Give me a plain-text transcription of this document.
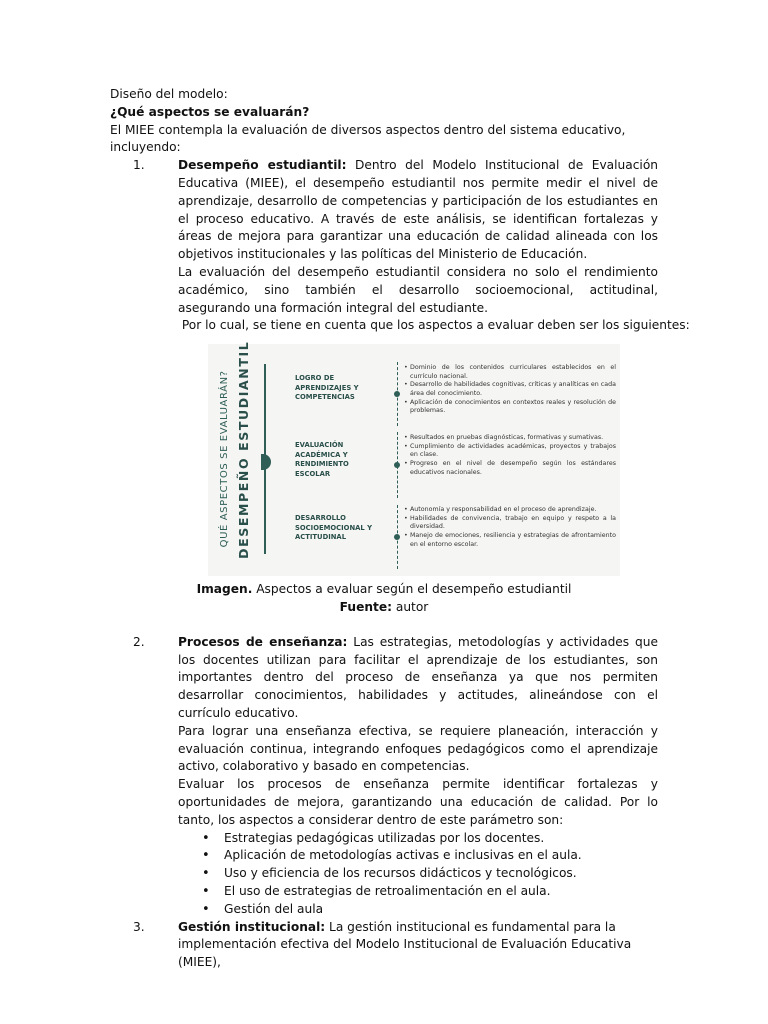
Diseño del modelo:

¿Qué aspectos se evaluarán?

El MIEE contempla la evaluación de diversos aspectos dentro del sistema educativo, incluyendo:

1.	Desempeño estudiantil: Dentro del Modelo Institucional de Evaluación Educativa (MIEE), el desempeño estudiantil nos permite medir el nivel de aprendizaje, desarrollo de competencias y participación de los estudiantes en el proceso educativo. A través de este análisis, se identifican fortalezas y áreas de mejora para garantizar una educación de calidad alineada con los objetivos institucionales y las políticas del Ministerio de Educación.

La evaluación del desempeño estudiantil considera no solo el rendimiento académico, sino también el desarrollo socioemocional, actitudinal, asegurando una formación integral del estudiante.

Por lo cual, se tiene en cuenta que los aspectos a evaluar deben ser los siguientes:

QUÉ ASPECTOS SE EVALUARÁN? DESEMPEÑO ESTUDIANTIL	LOGRO DE APRENDIZAJES Y COMPETENCIAS
• Dominio de los contenidos curriculares establecidos en el currículo nacional.
• Desarrollo de habilidades cognitivas, críticas y analíticas en cada área del conocimiento.
• Aplicación de conocimientos en contextos reales y resolución de problemas.
EVALUACIÓN ACADÉMICA Y RENDIMIENTO ESCOLAR
• Resultados en pruebas diagnósticas, formativas y sumativas.
• Cumplimiento de actividades académicas, proyectos y trabajos en clase.
• Progreso en el nivel de desempeño según los estándares educativos nacionales.
DESARROLLO SOCIOEMOCIONAL Y ACTITUDINAL
• Autonomía y responsabilidad en el proceso de aprendizaje.
• Habilidades de convivencia, trabajo en equipo y respeto a la diversidad.
• Manejo de emociones, resiliencia y estrategias de afrontamiento en el entorno escolar.

Imagen. Aspectos a evaluar según el desempeño estudiantil

Fuente: autor

2.	Procesos de enseñanza: Las estrategias, metodologías y actividades que los docentes utilizan para facilitar el aprendizaje de los estudiantes, son importantes dentro del proceso de enseñanza ya que nos permiten desarrollar conocimientos, habilidades y actitudes, alineándose con el currículo educativo.

Para lograr una enseñanza efectiva, se requiere planeación, interacción y evaluación continua, integrando enfoques pedagógicos como el aprendizaje activo, colaborativo y basado en competencias.

Evaluar los procesos de enseñanza permite identificar fortalezas y oportunidades de mejora, garantizando una educación de calidad. Por lo tanto, los aspectos a considerar dentro de este parámetro son:

• Estrategias pedagógicas utilizadas por los docentes.
• Aplicación de metodologías activas e inclusivas en el aula.
• Uso y eficiencia de los recursos didácticos y tecnológicos.
• El uso de estrategias de retroalimentación en el aula.
• Gestión del aula
3.	Gestión institucional: La gestión institucional es fundamental para la implementación efectiva del Modelo Institucional de Evaluación Educativa (MIEE),
